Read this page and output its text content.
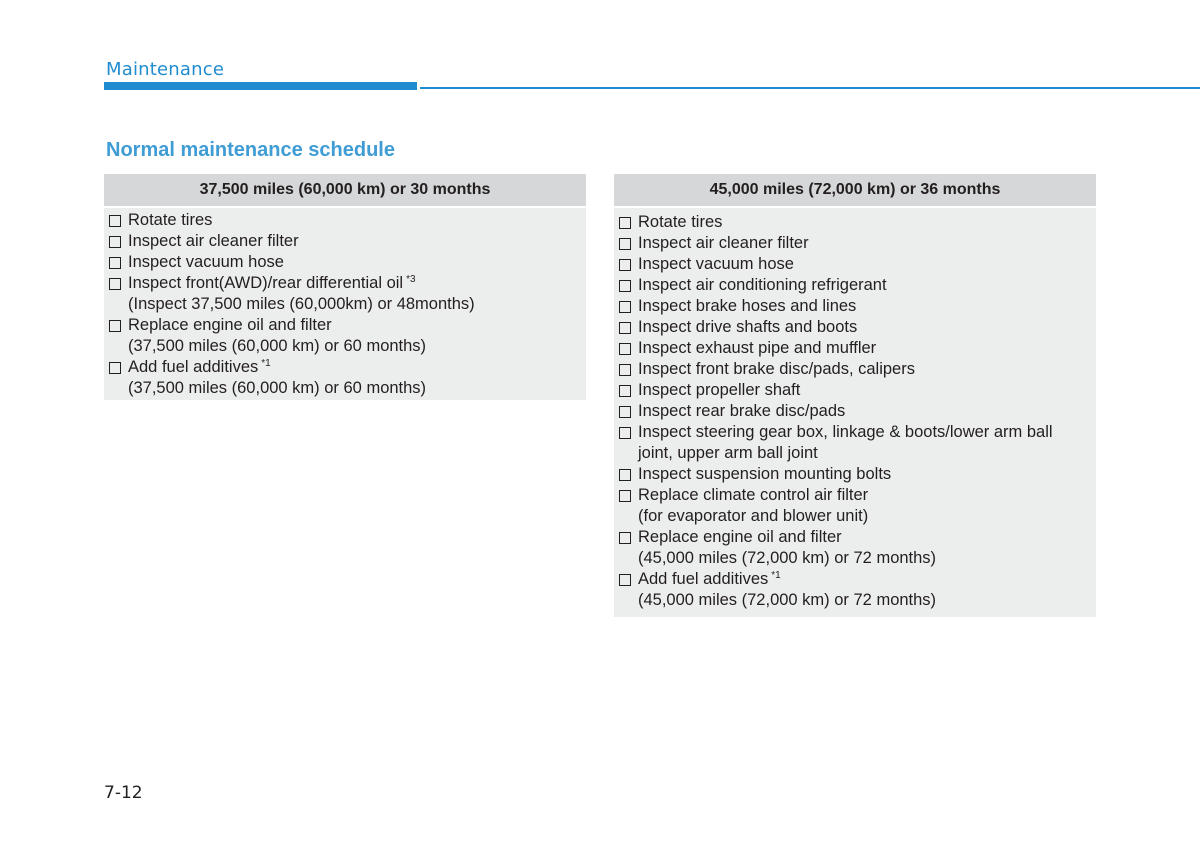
Maintenance
Normal maintenance schedule
37,500 miles (60,000 km) or 30 months
Rotate tires
Inspect air cleaner filter
Inspect vacuum hose
Inspect front(AWD)/rear differential oil $^{*3}$
(Inspect 37,500 miles (60,000km) or 48months)
Replace engine oil and filter
(37,500 miles (60,000 km) or 60 months)
Add fuel additives $^{*1}$
(37,500 miles (60,000 km) or 60 months)
45,000 miles (72,000 km) or 36 months
Rotate tires
Inspect air cleaner filter
Inspect vacuum hose
Inspect air conditioning refrigerant
Inspect brake hoses and lines
Inspect drive shafts and boots
Inspect exhaust pipe and muffler
Inspect front brake disc/pads, calipers
Inspect propeller shaft
Inspect rear brake disc/pads
Inspect steering gear box, linkage & boots/lower arm ball
joint, upper arm ball joint
Inspect suspension mounting bolts
Replace climate control air filter
(for evaporator and blower unit)
Replace engine oil and filter
(45,000 miles (72,000 km) or 72 months)
Add fuel additives $^{*1}$
(45,000 miles (72,000 km) or 72 months)
7-12
